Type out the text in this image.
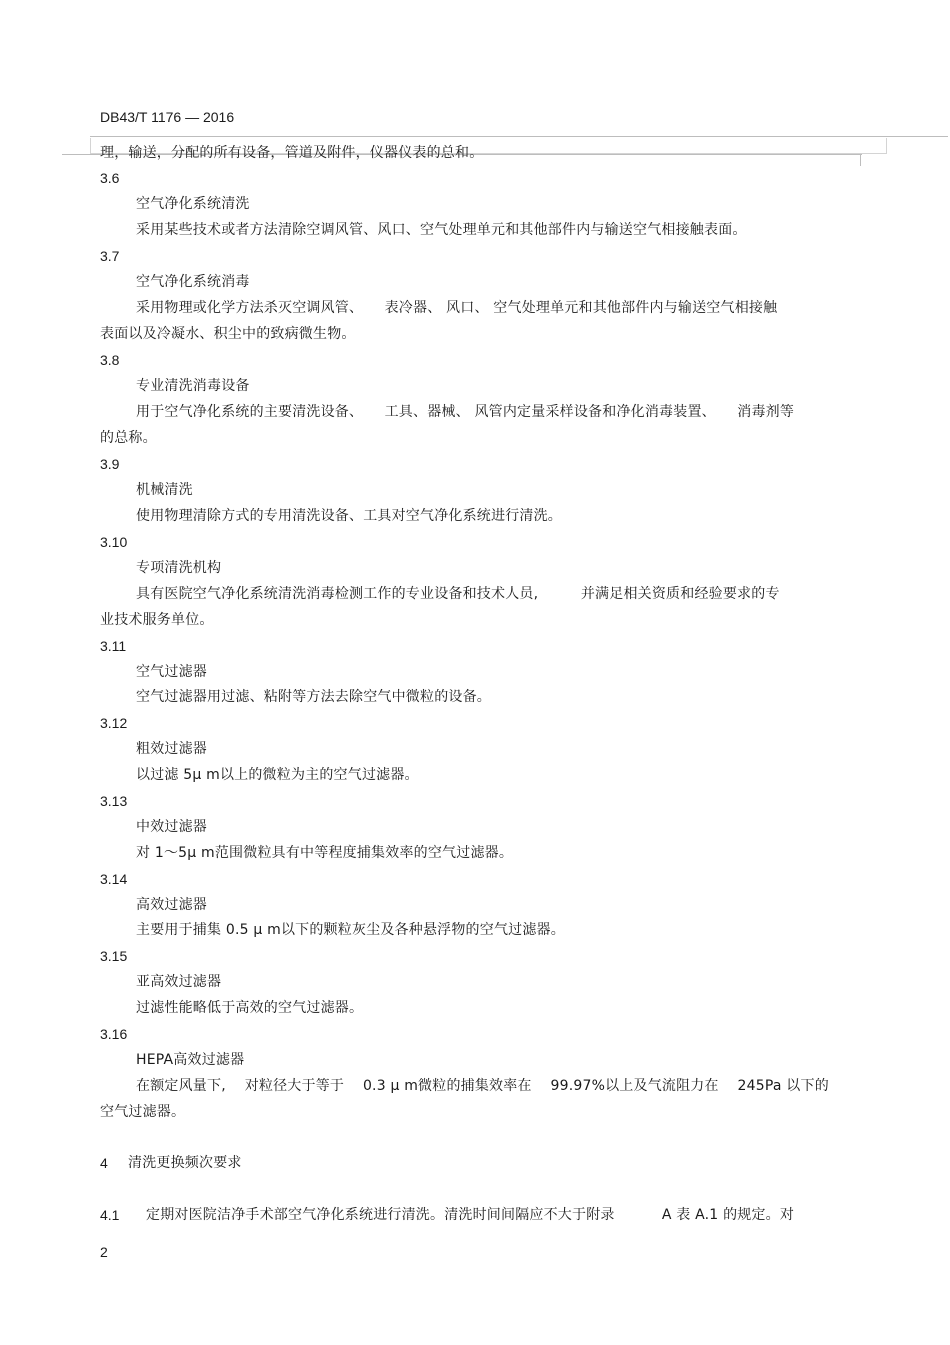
DB43/T 1176 — 2016
理，输送，分配的所有设备，管道及附件，仪器仪表的总和。
3.6
空气净化系统清洗
采用某些技术或者方法清除空调风管、风口、空气处理单元和其他部件内与输送空气相接触表面。
3.7
空气净化系统消毒
采用物理或化学方法杀灭空调风管、　　表冷器、 风口、 空气处理单元和其他部件内与输送空气相接触
表面以及冷凝水、积尘中的致病微生物。
3.8
专业清洗消毒设备
用于空气净化系统的主要清洗设备、　　工具、器械、 风管内定量采样设备和净化消毒装置、　　消毒剂等
的总称。
3.9
机械清洗
使用物理清除方式的专用清洗设备、工具对空气净化系统进行清洗。
3.10
专项清洗机构
具有医院空气净化系统清洗消毒检测工作的专业设备和技术人员,　　　并满足相关资质和经验要求的专
业技术服务单位。
3.11
空气过滤器
空气过滤器用过滤、粘附等方法去除空气中微粒的设备。
3.12
粗效过滤器
以过滤 5μ m以上的微粒为主的空气过滤器。
3.13
中效过滤器
对 1～5μ m范围微粒具有中等程度捕集效率的空气过滤器。
3.14
高效过滤器
主要用于捕集 0.5 μ m以下的颗粒灰尘及各种悬浮物的空气过滤器。
3.15
亚高效过滤器
过滤性能略低于高效的空气过滤器。
3.16
HEPA高效过滤器
在额定风量下,　 对粒径大于等于　 0.3 μ m微粒的捕集效率在　 99.97%以上及气流阻力在　 245Pa 以下的
空气过滤器。
4 清洗更换频次要求
4.1 定期对医院洁净手术部空气净化系统进行清洗。清洗时间间隔应不大于附录　　　 A 表 A.1 的规定。对
2
